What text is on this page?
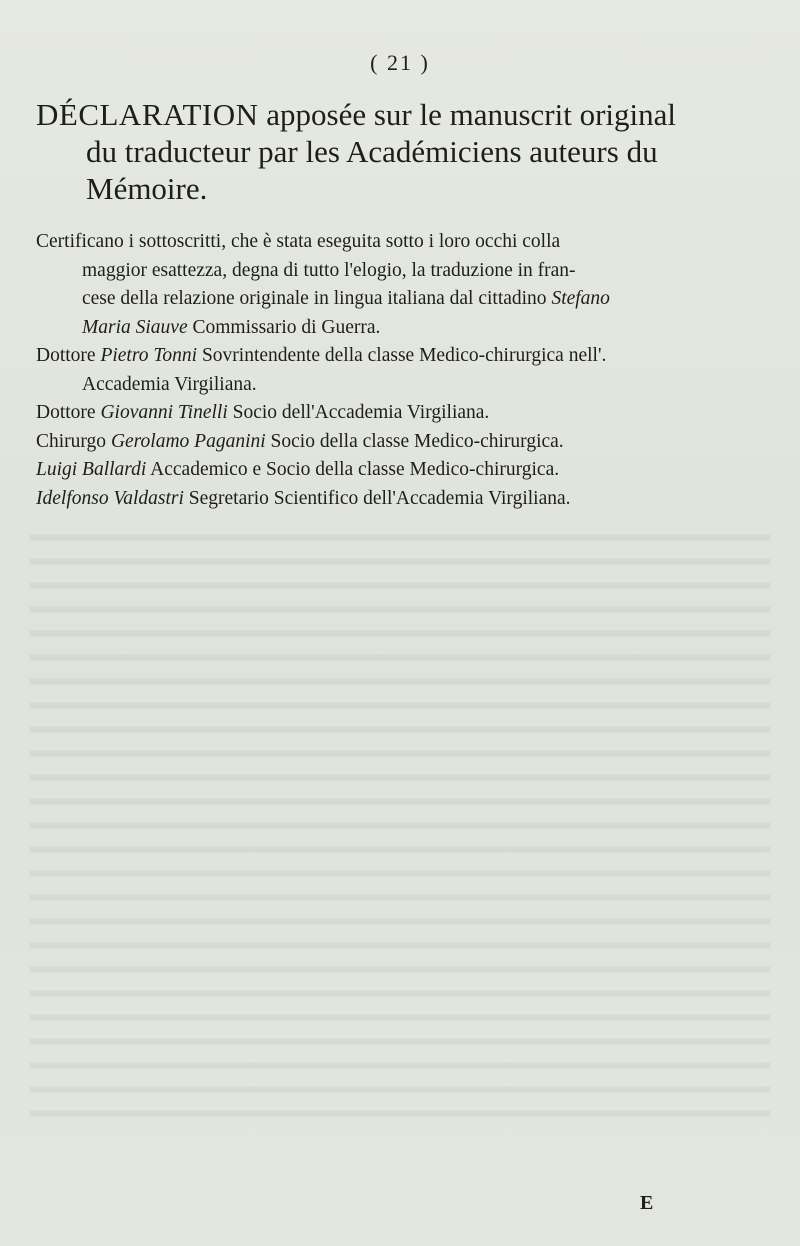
( 21 )
DÉCLARATION apposée sur le manuscrit original
du traducteur par les Académiciens auteurs du
Mémoire.

Certificano i sottoscritti, che è stata eseguita sotto i loro occhi colla
maggior esattezza, degna di tutto l'elogio, la traduzione in fran-
cese della relazione originale in lingua italiana dal cittadino Stefano
Maria Siauve Commissario di Guerra.

Dottore Pietro Tonni Sovrintendente della classe Medico-chirurgica nell'.
Accademia Virgiliana.

Dottore Giovanni Tinelli Socio dell'Accademia Virgiliana.

Chirurgo Gerolamo Paganini Socio della classe Medico-chirurgica.

Luigi Ballardi Accademico e Socio della classe Medico-chirurgica.

Idelfonso Valdastri Segretario Scientifico dell'Accademia Virgiliana.

E
